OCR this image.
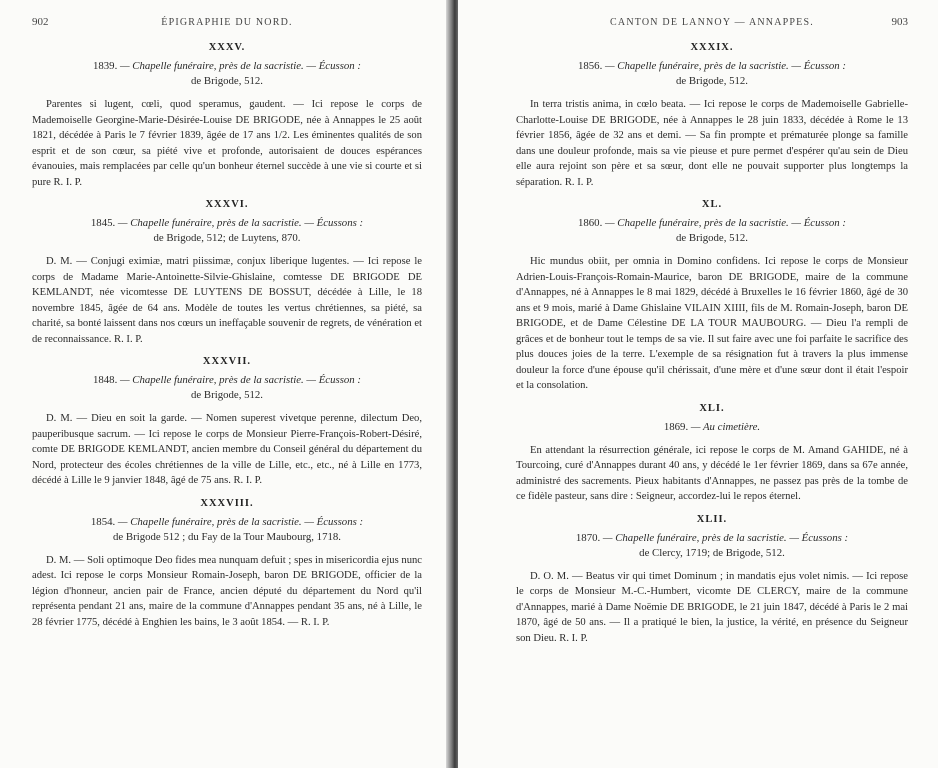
902	ÉPIGRAPHIE DU NORD.
XXXV.
1839. — Chapelle funéraire, près de la sacristie. — Écusson :
de Brigode, 512.

Parentes si lugent, cœli, quod speramus, gaudent. — Ici repose le corps de Mademoiselle Georgine-Marie-Désirée-Louise DE BRIGODE, née à Annappes le 25 août 1821, décédée à Paris le 7 février 1839, âgée de 17 ans 1/2. Les éminentes qualités de son esprit et de son cœur, sa piété vive et profonde, autorisaient de douces espérances évanouies, mais remplacées par celle qu'un bonheur éternel succède à une vie si courte et si pure R. I. P.

XXXVI.
1845. — Chapelle funéraire, près de la sacristie. — Écussons :
de Brigode, 512; de Luytens, 870.

D. M. — Conjugi eximiæ, matri piissimæ, conjux liberique lugentes. — Ici repose le corps de Madame Marie-Antoinette-Silvie-Ghislaine, comtesse DE BRIGODE DE KEMLANDT, née vicomtesse DE LUYTENS DE BOSSUT, décédée à Lille, le 18 novembre 1845, âgée de 64 ans. Modèle de toutes les vertus chrétiennes, sa piété, sa charité, sa bonté laissent dans nos cœurs un ineffaçable souvenir de regrets, de vénération et de reconnaissance. R. I. P.

XXXVII.
1848. — Chapelle funéraire, près de la sacristie. — Écusson :
de Brigode, 512.

D. M. — Dieu en soit la garde. — Nomen superest vivetque perenne, dilectum Deo, pauperibusque sacrum. — Ici repose le corps de Monsieur Pierre-François-Robert-Désiré, comte DE BRIGODE KEMLANDT, ancien membre du Conseil général du département du Nord, protecteur des écoles chrétiennes de la ville de Lille, etc., etc., né à Lille en 1773, décédé à Lille le 9 janvier 1848, âgé de 75 ans. R. I. P.

XXXVIII.
1854. — Chapelle funéraire, près de la sacristie. — Écussons :
de Brigode 512 ; du Fay de la Tour Maubourg, 1718.

D. M. — Soli optimoque Deo fides mea nunquam defuit ; spes in misericordia ejus nunc adest. Ici repose le corps Monsieur Romain-Joseph, baron DE BRIGODE, officier de la légion d'honneur, ancien pair de France, ancien député du département du Nord qu'il représenta pendant 21 ans, maire de la commune d'Annappes pendant 35 ans, né à Lille, le 28 février 1775, décédé à Enghien les bains, le 3 août 1854. — R. I. P.

CANTON DE LANNOY — ANNAPPES.	903
XXXIX.
1856. — Chapelle funéraire, près de la sacristie. — Écusson :
de Brigode, 512.

In terra tristis anima, in cœlo beata. — Ici repose le corps de Mademoiselle Gabrielle-Charlotte-Louise DE BRIGODE, née à Annappes le 28 juin 1833, décédée à Rome le 13 février 1856, âgée de 32 ans et demi. — Sa fin prompte et prématurée plonge sa famille dans une douleur profonde, mais sa vie pieuse et pure permet d'espérer qu'au sein de Dieu elle aura rejoint son père et sa sœur, dont elle ne pouvait supporter plus longtemps la séparation. R. I. P.

XL.
1860. — Chapelle funéraire, près de la sacristie. — Écusson :
de Brigode, 512.

Hic mundus obiit, per omnia in Domino confidens. Ici repose le corps de Monsieur Adrien-Louis-François-Romain-Maurice, baron DE BRIGODE, maire de la commune d'Annappes, né à Annappes le 8 mai 1829, décédé à Bruxelles le 16 février 1860, âgé de 30 ans et 9 mois, marié à Dame Ghislaine VILAIN XIIII, fils de M. Romain-Joseph, baron DE BRIGODE, et de Dame Célestine DE LA TOUR MAUBOURG. — Dieu l'a rempli de grâces et de bonheur tout le temps de sa vie. Il sut faire avec une foi parfaite le sacrifice des plus douces joies de la terre. L'exemple de sa résignation fut à travers la plus immense douleur la force d'une épouse qu'il chérissait, d'une mère et d'une sœur dont il était l'espoir et la consolation.

XLI.
1869. — Au cimetière.

En attendant la résurrection générale, ici repose le corps de M. Amand GAHIDE, né à Tourcoing, curé d'Annappes durant 40 ans, y décédé le 1er février 1869, dans sa 67e année, administré des sacrements. Pieux habitants d'Annappes, ne passez pas près de la tombe de ce fidèle pasteur, sans dire : Seigneur, accordez-lui le repos éternel.

XLII.
1870. — Chapelle funéraire, près de la sacristie. — Écussons :
de Clercy, 1719; de Brigode, 512.

D. O. M. — Beatus vir qui timet Dominum ; in mandatis ejus volet nimis. — Ici repose le corps de Monsieur M.-C.-Humbert, vicomte DE CLERCY, maire de la commune d'Annappes, marié à Dame Noëmie DE BRIGODE, le 21 juin 1847, décédé à Paris le 2 mai 1870, âgé de 50 ans. — Il a pratiqué le bien, la justice, la vérité, en présence du Seigneur son Dieu. R. I. P.
